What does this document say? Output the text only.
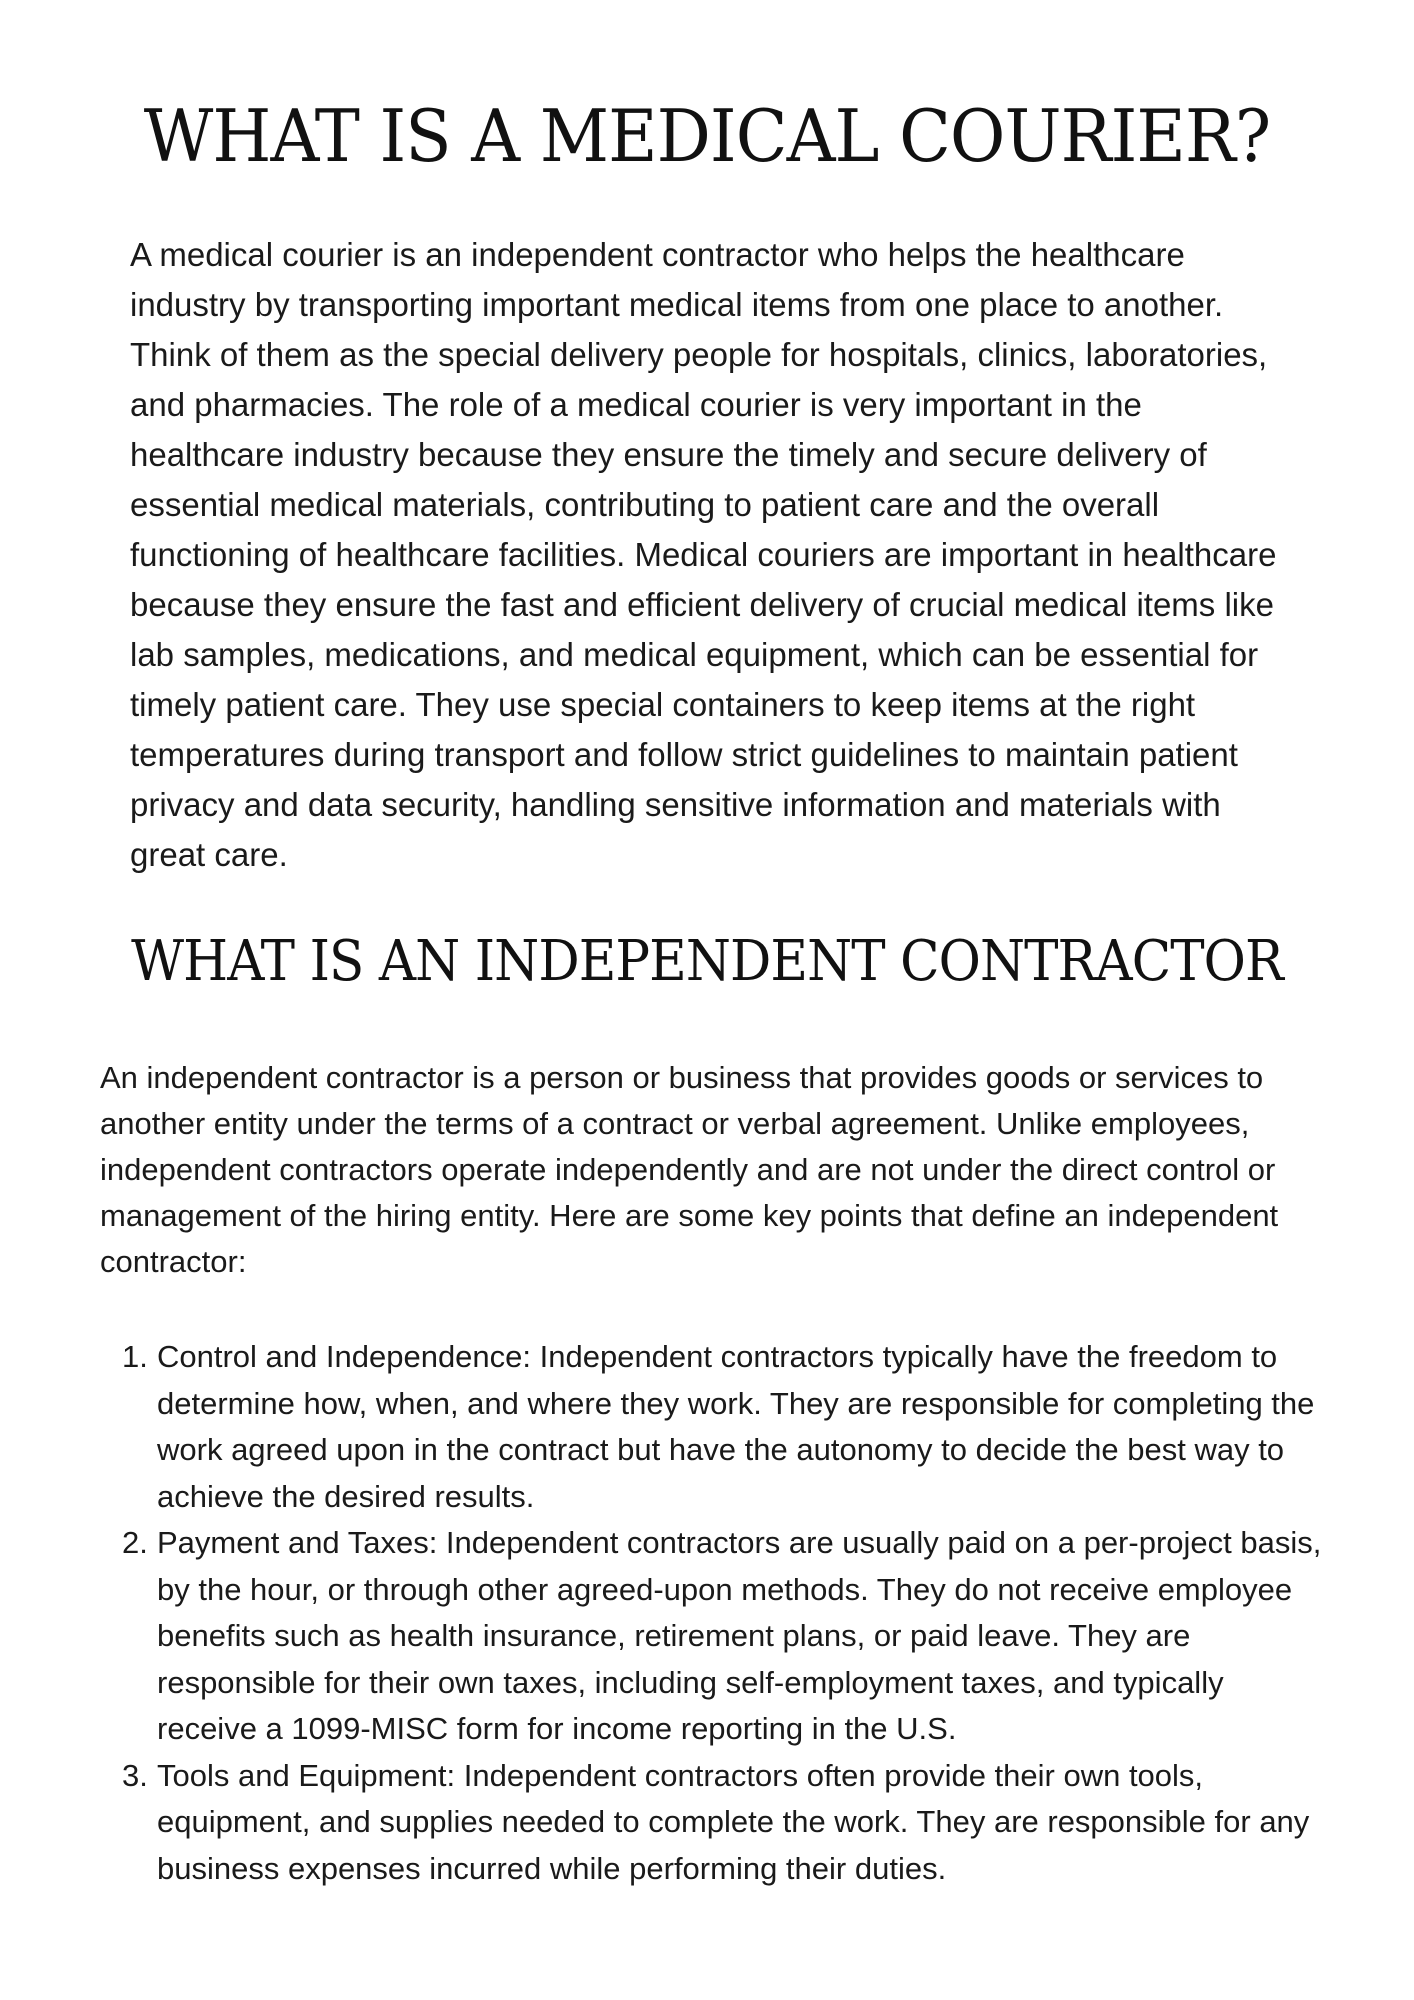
WHAT IS A MEDICAL COURIER?

A medical courier is an independent contractor who helps the healthcare industry by transporting important medical items from one place to another. Think of them as the special delivery people for hospitals, clinics, laboratories, and pharmacies. The role of a medical courier is very important in the healthcare industry because they ensure the timely and secure delivery of essential medical materials, contributing to patient care and the overall functioning of healthcare facilities. Medical couriers are important in healthcare because they ensure the fast and efficient delivery of crucial medical items like lab samples, medications, and medical equipment, which can be essential for timely patient care. They use special containers to keep items at the right temperatures during transport and follow strict guidelines to maintain patient privacy and data security, handling sensitive information and materials with great care.

WHAT IS AN INDEPENDENT CONTRACTOR

An independent contractor is a person or business that provides goods or services to another entity under the terms of a contract or verbal agreement. Unlike employees, independent contractors operate independently and are not under the direct control or management of the hiring entity. Here are some key points that define an independent contractor:

1. Control and Independence: Independent contractors typically have the freedom to determine how, when, and where they work. They are responsible for completing the work agreed upon in the contract but have the autonomy to decide the best way to achieve the desired results.
2. Payment and Taxes: Independent contractors are usually paid on a per-project basis, by the hour, or through other agreed-upon methods. They do not receive employee benefits such as health insurance, retirement plans, or paid leave. They are responsible for their own taxes, including self-employment taxes, and typically receive a 1099-MISC form for income reporting in the U.S.
3. Tools and Equipment: Independent contractors often provide their own tools, equipment, and supplies needed to complete the work. They are responsible for any business expenses incurred while performing their duties.
